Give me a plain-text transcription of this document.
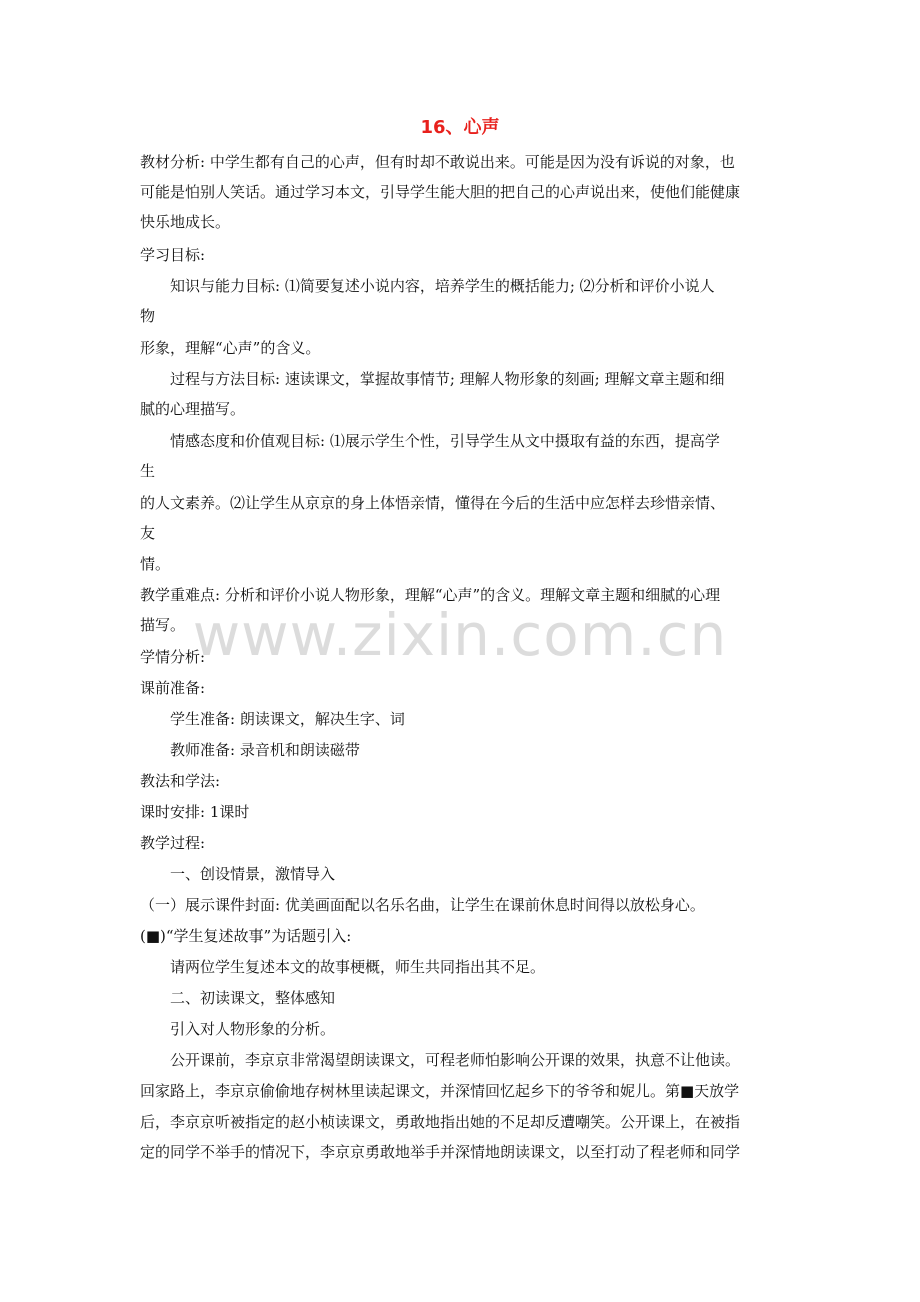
www.zixin.com.cn
16、心声
教材分析: 中学生都有自己的心声，但有时却不敢说出来。可能是因为没有诉说的对象，也
可能是怕别人笑话。通过学习本文，引导学生能大胆的把自己的心声说出来，使他们能健康
快乐地成长。
学习目标:
　　知识与能力目标: ⑴简要复述小说内容，培养学生的概括能力; ⑵分析和评价小说人
物
形象，理解“心声”的含义。
　　过程与方法目标: 速读课文，掌握故事情节; 理解人物形象的刻画; 理解文章主题和细
腻的心理描写。
　　情感态度和价值观目标: ⑴展示学生个性，引导学生从文中摄取有益的东西，提高学
生
的人文素养。⑵让学生从京京的身上体悟亲情，懂得在今后的生活中应怎样去珍惜亲情、
友
情。
教学重难点: 分析和评价小说人物形象，理解“心声”的含义。理解文章主题和细腻的心理
描写。
学情分析:
课前准备:
　　学生准备: 朗读课文，解决生字、词
　　教师准备: 录音机和朗读磁带
教法和学法:
课时安排: 1课时
教学过程:
　　一、创设情景，激情导入
（一）展示课件封面: 优美画面配以名乐名曲，让学生在课前休息时间得以放松身心。
(■)“学生复述故事”为话题引入:
　　请两位学生复述本文的故事梗概，师生共同指出其不足。
　　二、初读课文，整体感知
　　引入对人物形象的分析。
　　公开课前，李京京非常渴望朗读课文，可程老师怕影响公开课的效果，执意不让他读。
回家路上，李京京偷偷地存树林里读起课文，并深情回忆起乡下的爷爷和妮儿。第■天放学
后，李京京听被指定的赵小桢读课文，勇敢地指出她的不足却反遭嘲笑。公开课上，在被指
定的同学不举手的情况下，李京京勇敢地举手并深情地朗读课文，以至打动了程老师和同学
